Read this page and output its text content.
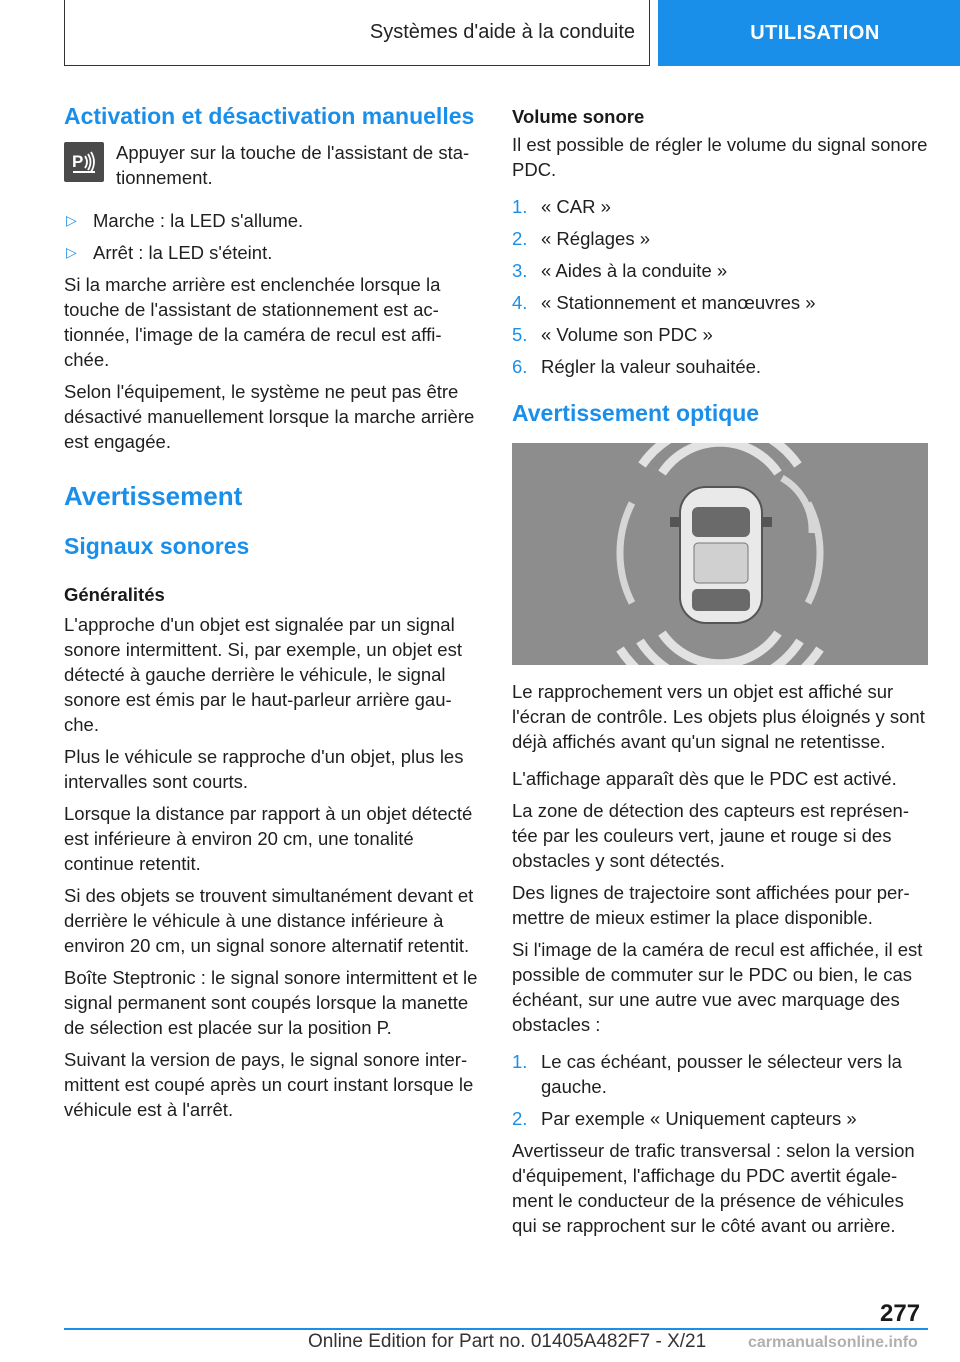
Systèmes d'aide à la conduite	UTILISATION
Activation et désactivation manuelles
P Appuyer sur la touche de l'assistant de stationnement.
▷ Marche : la LED s'allume.
▷ Arrêt : la LED s'éteint.

Si la marche arrière est enclenchée lorsque la touche de l'assistant de stationnement est actionnée, l'image de la caméra de recul est affichée.

Selon l'équipement, le système ne peut pas être désactivé manuellement lorsque la marche arrière est engagée.

Avertissement
Signaux sonores
Généralités

L'approche d'un objet est signalée par un signal sonore intermittent. Si, par exemple, un objet est détecté à gauche derrière le véhicule, le signal sonore est émis par le haut-parleur arrière gauche.

Plus le véhicule se rapproche d'un objet, plus les intervalles sont courts.

Lorsque la distance par rapport à un objet détecté est inférieure à environ 20 cm, une tonalité continue retentit.

Si des objets se trouvent simultanément devant et derrière le véhicule à une distance inférieure à environ 20 cm, un signal sonore alternatif retentit.

Boîte Steptronic : le signal sonore intermittent et le signal permanent sont coupés lorsque la manette de sélection est placée sur la position P.

Suivant la version de pays, le signal sonore intermittent est coupé après un court instant lorsque le véhicule est à l'arrêt.

Volume sonore

Il est possible de régler le volume du signal sonore PDC.

1. « CAR »
2. « Réglages »
3. « Aides à la conduite »
4. « Stationnement et manœuvres »
5. « Volume son PDC »
6. Régler la valeur souhaitée.
Avertissement optique

Le rapprochement vers un objet est affiché sur l'écran de contrôle. Les objets plus éloignés y sont déjà affichés avant qu'un signal ne retentisse.

L'affichage apparaît dès que le PDC est activé.

La zone de détection des capteurs est représentée par les couleurs vert, jaune et rouge si des obstacles y sont détectés.

Des lignes de trajectoire sont affichées pour permettre de mieux estimer la place disponible.

Si l'image de la caméra de recul est affichée, il est possible de commuter sur le PDC ou bien, le cas échéant, sur une autre vue avec marquage des obstacles :

1. Le cas échéant, pousser le sélecteur vers la gauche.
2. Par exemple « Uniquement capteurs »

Avertisseur de trafic transversal : selon la version d'équipement, l'affichage du PDC avertit également le conducteur de la présence de véhicules qui se rapprochent sur le côté avant ou arrière.

277
Online Edition for Part no. 01405A482F7 - X/21	carmanualsonline.info
